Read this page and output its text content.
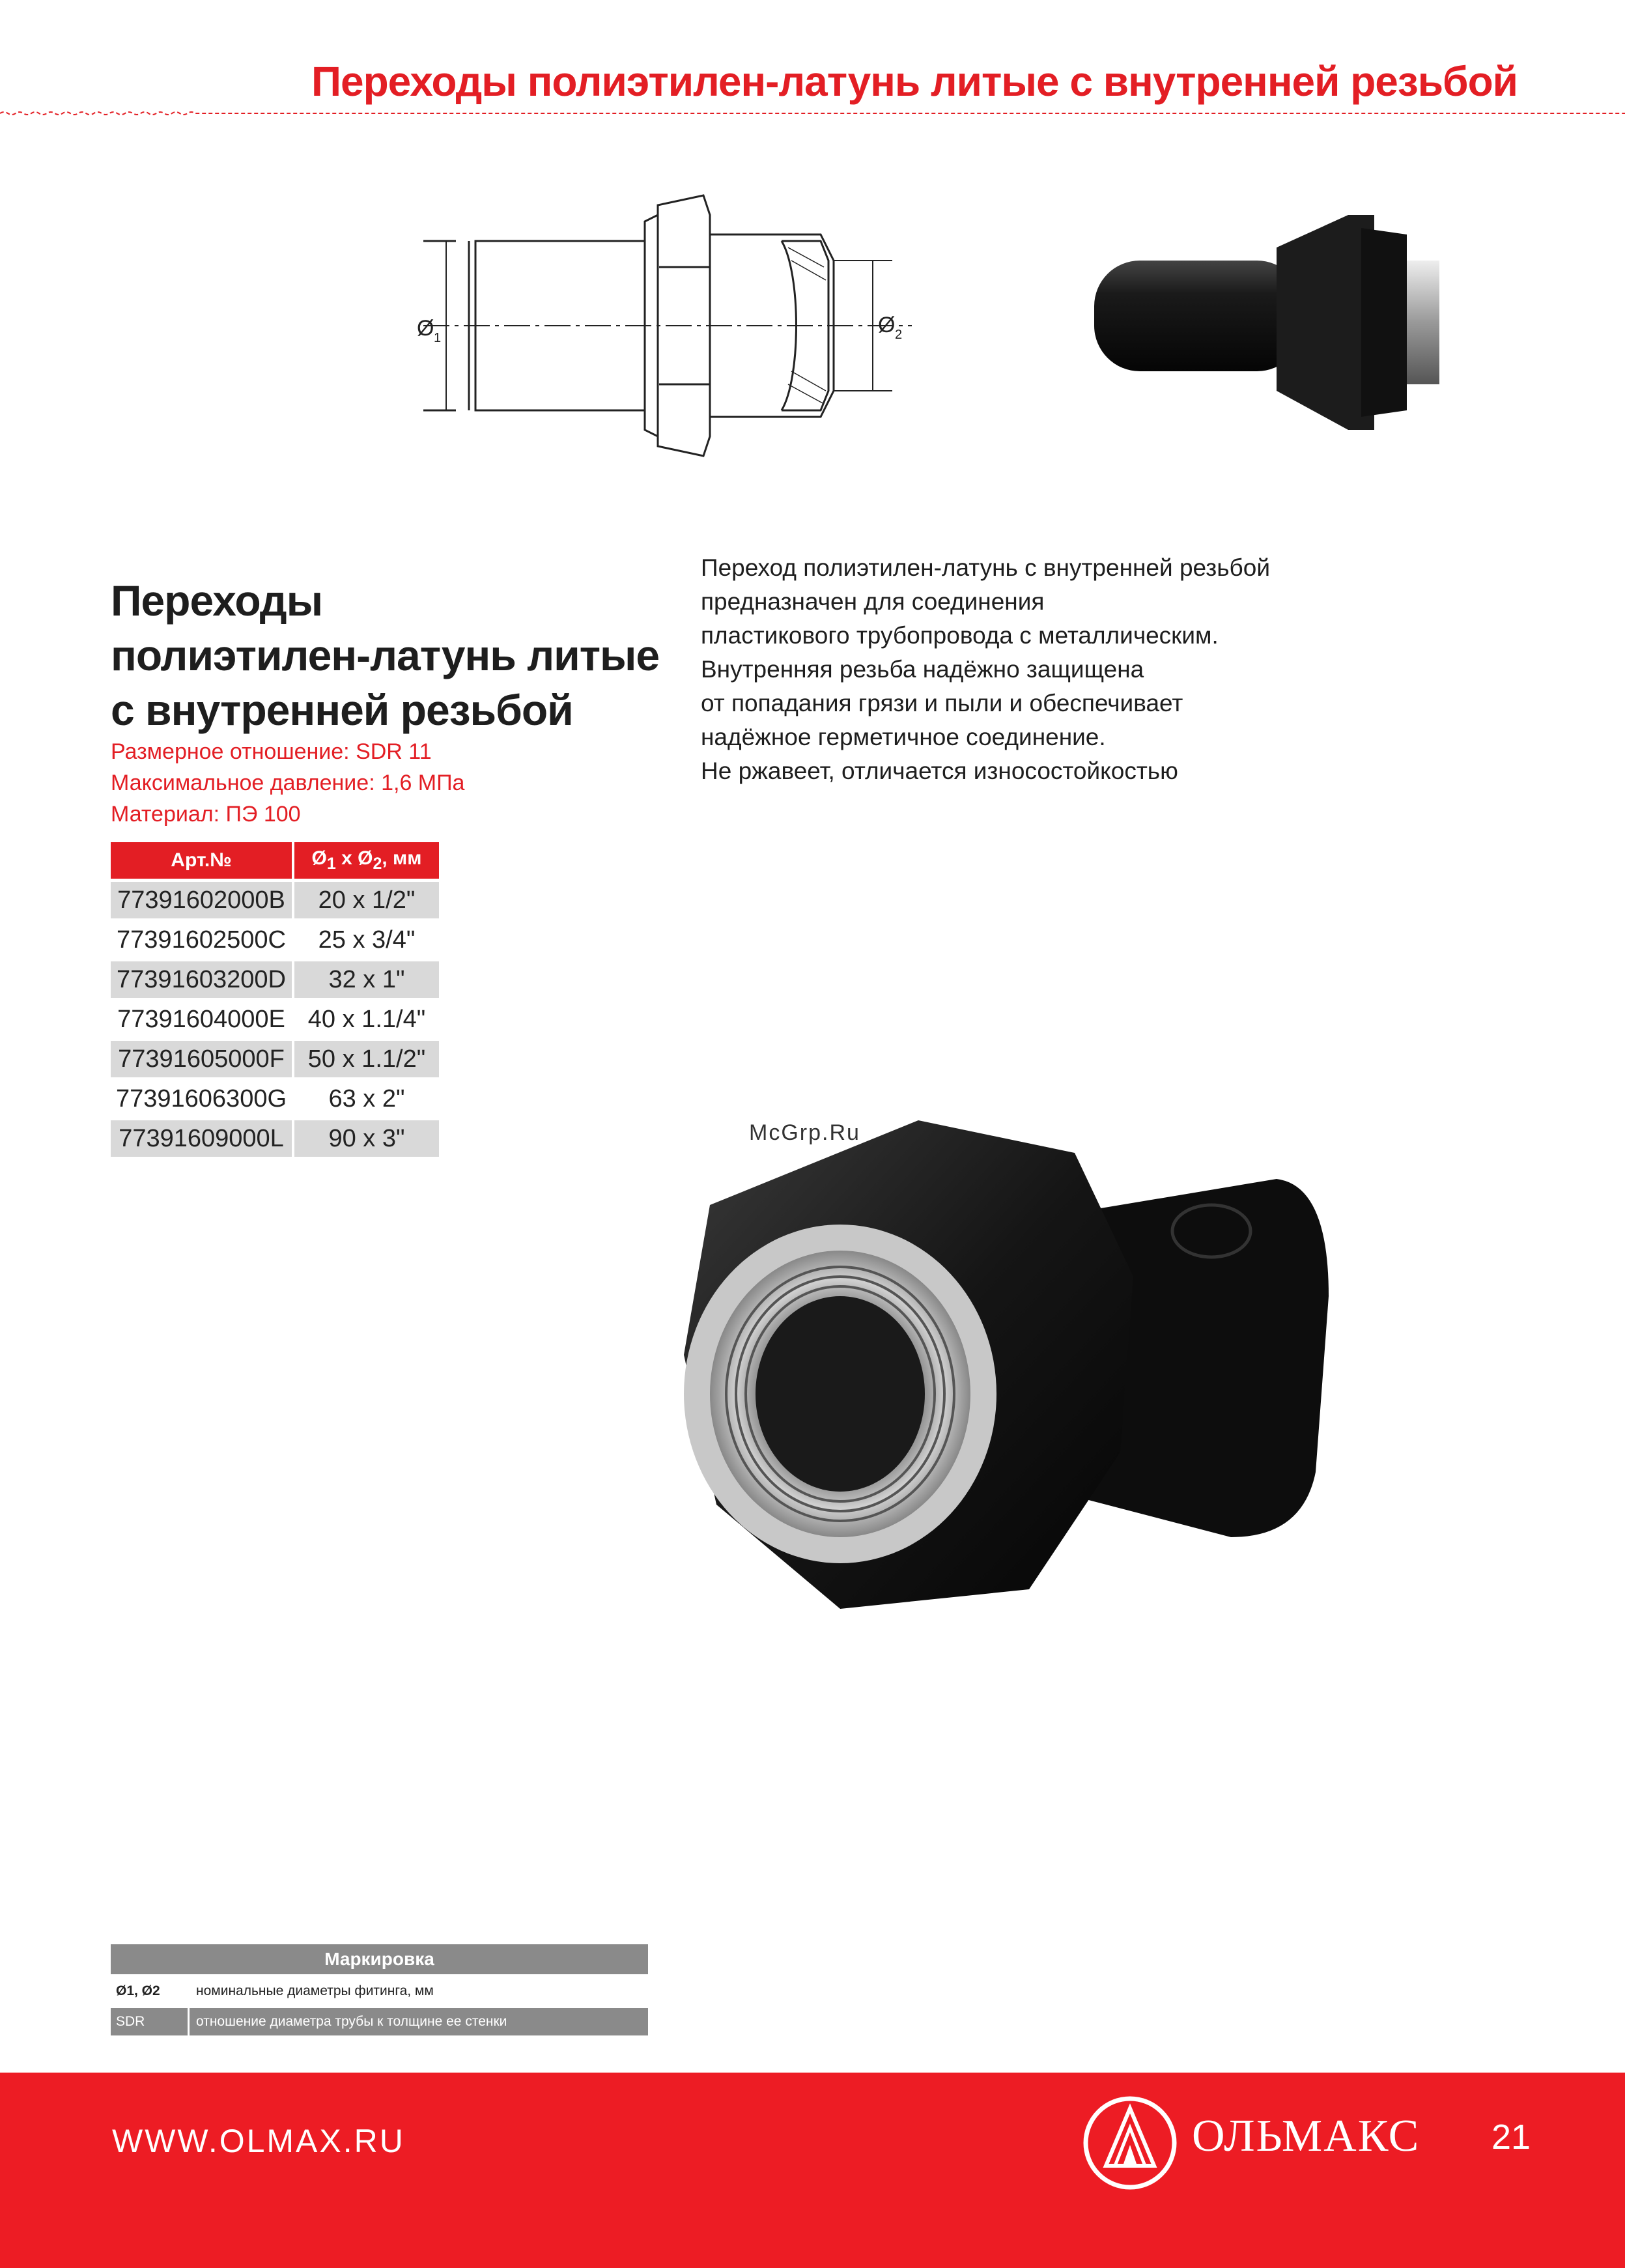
Переходы полиэтилен-латунь литые с внутренней резьбой
Ø 1
Ø 2
Переходы
полиэтилен-латунь литые
с внутренней резьбой
Размерное отношение: SDR 11
Максимальное давление: 1,6 МПа
Материал: ПЭ 100
Переход полиэтилен-латунь с внутренней резьбой
предназначен для соединения
пластикового трубопровода с металлическим.
Внутренняя резьба надёжно защищена
от попадания грязи и пыли и обеспечивает
надёжное герметичное соединение.
Не ржавеет, отличается износостойкостью
Арт.№	$Ø_1$ x $Ø_2$, мм
77391602000B	20 x 1/2"
77391602500C	25 x 3/4"
77391603200D	32 x 1"
77391604000E	40 x 1.1/4"
77391605000F	50 x 1.1/2"
77391606300G	63 x 2"
77391609000L	90 x 3"	McGrp.Ru
Маркировка
Ø1, Ø2	номинальные диаметры фитинга, мм
SDR	отношение диаметра трубы к толщине ее стенки
WWW.OLMAX.RU	ОЛЬМАКС 21
